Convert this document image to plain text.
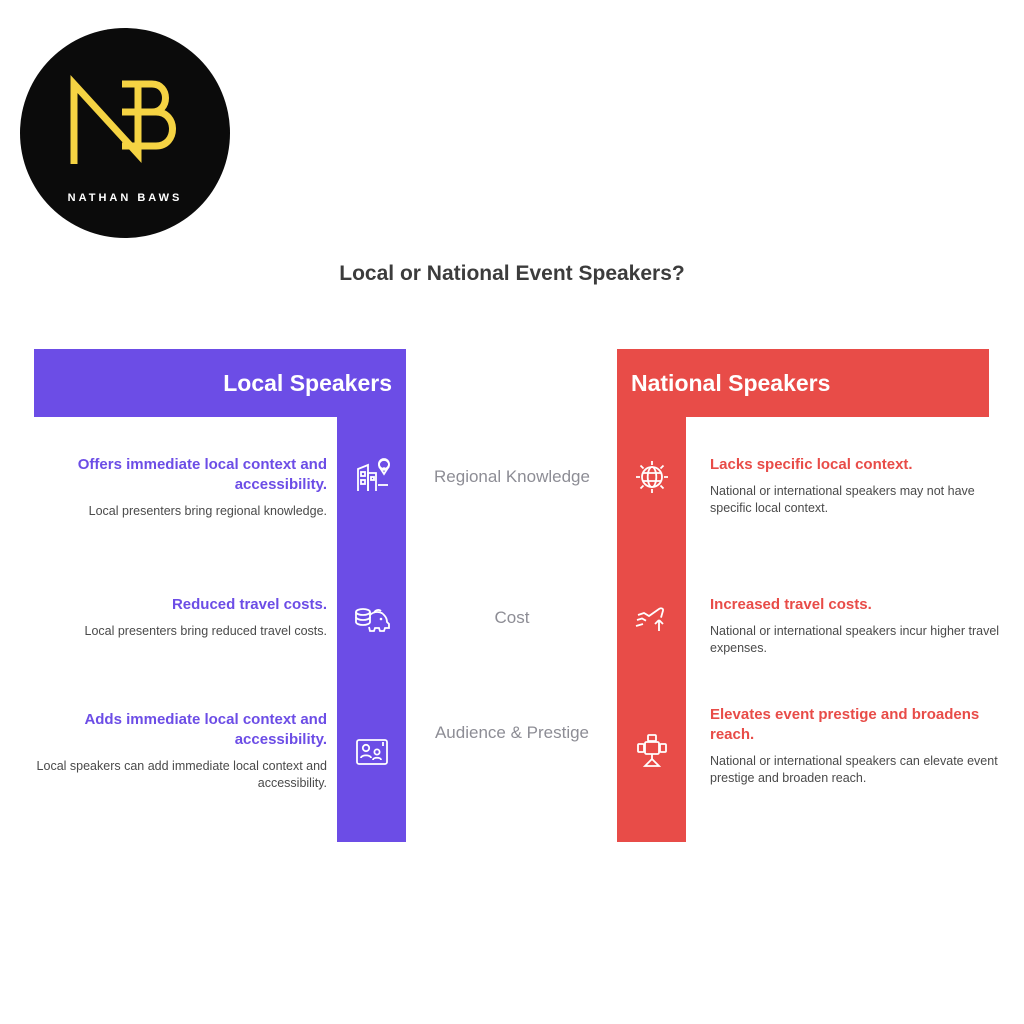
NATHAN BAWS
Local or National Event Speakers?
Local Speakers	National Speakers
Regional Knowledge
Cost
Audience & Prestige

Offers immediate local context and accessibility.

Local presenters bring regional knowledge.

Reduced travel costs.

Local presenters bring reduced travel costs.

Adds immediate local context and accessibility.

Local speakers can add immediate local context and accessibility.

Lacks specific local context.

National or international speakers may not have specific local context.

Increased travel costs.

National or international speakers incur higher travel expenses.

Elevates event prestige and broadens reach.

National or international speakers can elevate event prestige and broaden reach.
